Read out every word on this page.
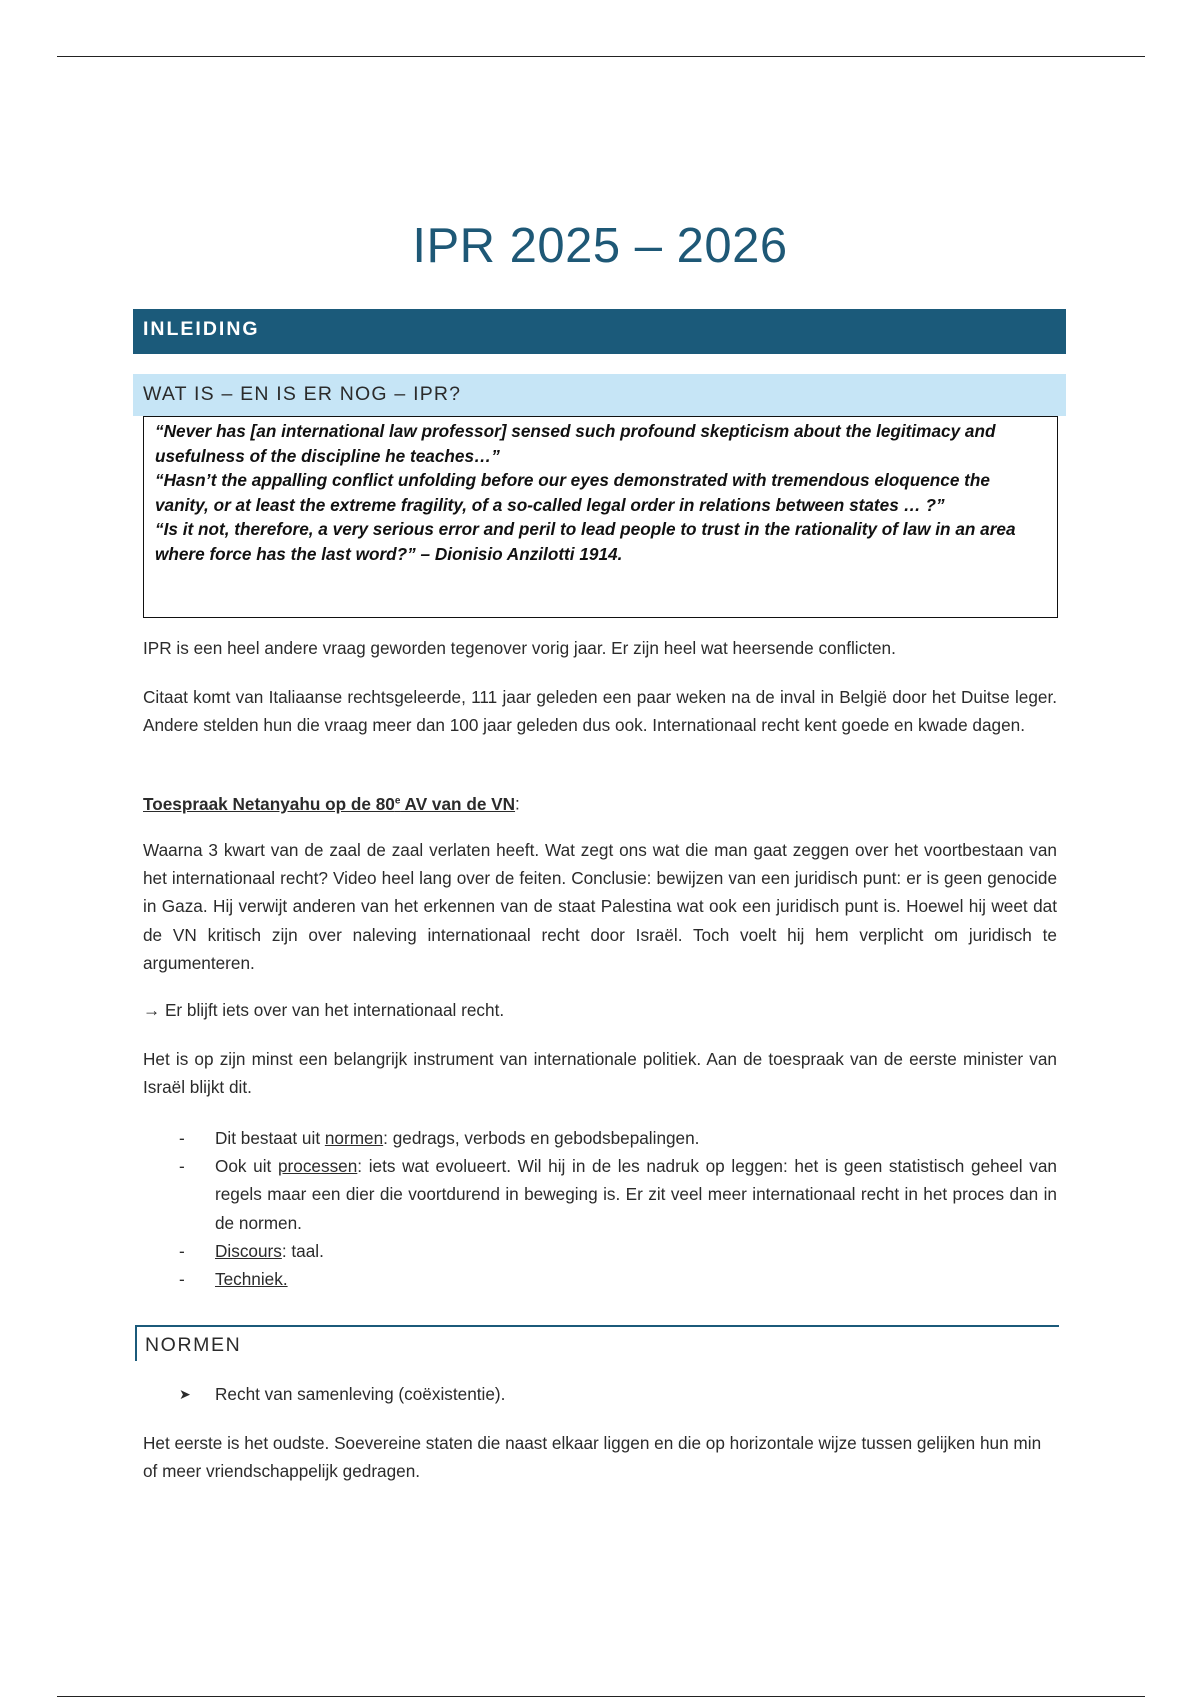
IPR 2025 – 2026
INLEIDING
WAT IS – EN IS ER NOG – IPR?

“Never has [an international law professor] sensed such profound skepticism about the legitimacy and usefulness of the discipline he teaches…”

“Hasn’t the appalling conflict unfolding before our eyes demonstrated with tremendous eloquence the vanity, or at least the extreme fragility, of a so-called legal order in relations between states … ?”

“Is it not, therefore, a very serious error and peril to lead people to trust in the rationality of law in an area where force has the last word?” – Dionisio Anzilotti 1914.

IPR is een heel andere vraag geworden tegenover vorig jaar. Er zijn heel wat heersende conflicten.

Citaat komt van Italiaanse rechtsgeleerde, 111 jaar geleden een paar weken na de inval in België door het Duitse leger. Andere stelden hun die vraag meer dan 100 jaar geleden dus ook. Internationaal recht kent goede en kwade dagen.

Toespraak Netanyahu op de 80e AV van de VN:

Waarna 3 kwart van de zaal de zaal verlaten heeft. Wat zegt ons wat die man gaat zeggen over het voortbestaan van het internationaal recht? Video heel lang over de feiten. Conclusie: bewijzen van een juridisch punt: er is geen genocide in Gaza. Hij verwijt anderen van het erkennen van de staat Palestina wat ook een juridisch punt is. Hoewel hij weet dat de VN kritisch zijn over naleving internationaal recht door Israël. Toch voelt hij hem verplicht om juridisch te argumenteren.

→ Er blijft iets over van het internationaal recht.

Het is op zijn minst een belangrijk instrument van internationale politiek. Aan de toespraak van de eerste minister van Israël blijkt dit.

- Dit bestaat uit normen: gedrags, verbods en gebodsbepalingen.
- Ook uit processen: iets wat evolueert. Wil hij in de les nadruk op leggen: het is geen statistisch geheel van regels maar een dier die voortdurend in beweging is. Er zit veel meer internationaal recht in het proces dan in de normen.
- Discours: taal.
- Techniek.
NORMEN
➤	Recht van samenleving (coëxistentie).

Het eerste is het oudste. Soevereine staten die naast elkaar liggen en die op horizontale wijze tussen gelijken hun min of meer vriendschappelijk gedragen.
